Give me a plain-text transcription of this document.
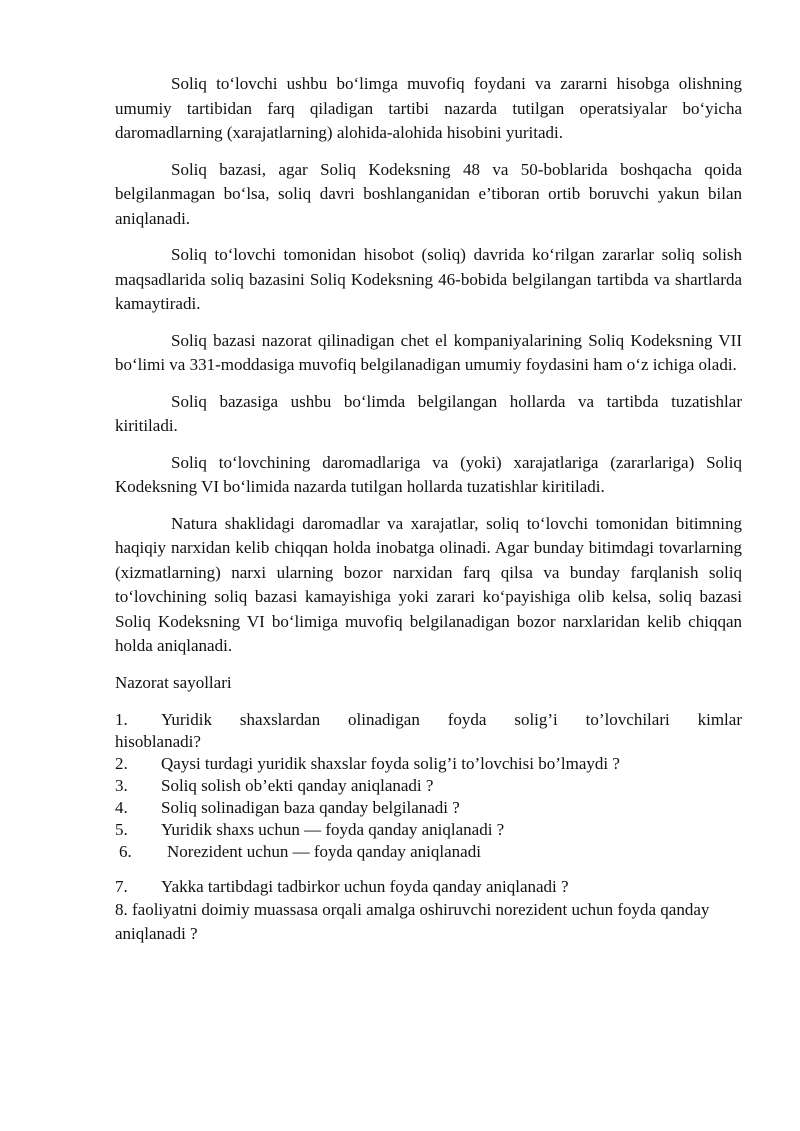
Soliq to‘lovchi ushbu bo‘limga muvofiq foydani va zararni hisobga olishning umumiy tartibidan farq qiladigan tartibi nazarda tutilgan operatsiyalar bo‘yicha daromadlarning (xarajatlarning) alohida-alohida hisobini yuritadi.

Soliq bazasi, agar Soliq Kodeksning 48 va 50-boblarida boshqacha qoida belgilanmagan bo‘lsa, soliq davri boshlanganidan e’tiboran ortib boruvchi yakun bilan aniqlanadi.

Soliq to‘lovchi tomonidan hisobot (soliq) davrida ko‘rilgan zararlar soliq solish maqsadlarida soliq bazasini Soliq Kodeksning 46-bobida belgilangan tartibda va shartlarda kamaytiradi.

Soliq bazasi nazorat qilinadigan chet el kompaniyalarining Soliq Kodeksning VII bo‘limi va 331-moddasiga muvofiq belgilanadigan umumiy foydasini ham o‘z ichiga oladi.

Soliq bazasiga ushbu bo‘limda belgilangan hollarda va tartibda tuzatishlar kiritiladi.

Soliq to‘lovchining daromadlariga va (yoki) xarajatlariga (zararlariga) Soliq Kodeksning VI bo‘limida nazarda tutilgan hollarda tuzatishlar kiritiladi.

Natura shaklidagi daromadlar va xarajatlar, soliq to‘lovchi tomonidan bitimning haqiqiy narxidan kelib chiqqan holda inobatga olinadi. Agar bunday bitimdagi tovarlarning (xizmatlarning) narxi ularning bozor narxidan farq qilsa va bunday farqlanish soliq to‘lovchining soliq bazasi kamayishiga yoki zarari ko‘payishiga olib kelsa, soliq bazasi Soliq Kodeksning VI bo‘limiga muvofiq belgilanadigan bozor narxlaridan kelib chiqqan holda aniqlanadi.

Nazorat sayollari
1.	Yuridik shaxslardan olinadigan foyda solig’i to’lovchilari kimlar
hisoblanadi?
2.	Qaysi turdagi yuridik shaxslar foyda solig’i to’lovchisi bo’lmaydi ?
3.	Soliq solish ob’ekti qanday aniqlanadi ?
4.	Soliq solinadigan baza qanday belgilanadi ?
5.	Yuridik shaxs uchun — foyda qanday aniqlanadi ?
6.	Norezident uchun — foyda qanday aniqlanadi
7.	Yakka tartibdagi tadbirkor uchun foyda qanday aniqlanadi ?
8. faoliyatni doimiy muassasa orqali amalga oshiruvchi norezident uchun foyda qanday aniqlanadi ?
